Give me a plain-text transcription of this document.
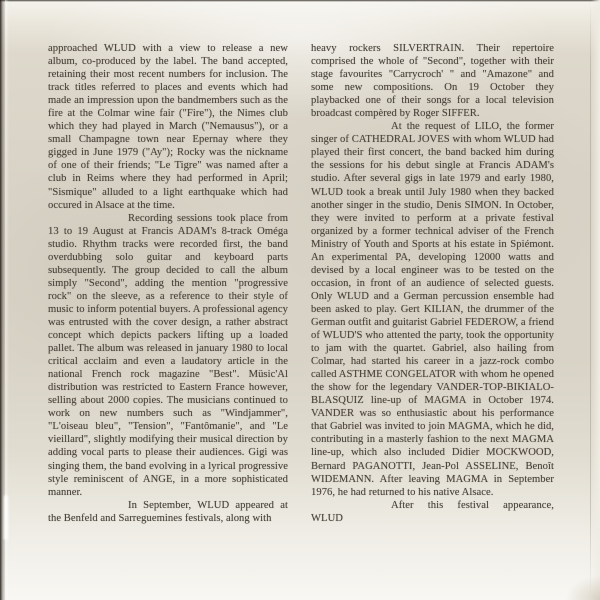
approached WLUD with a view to release a new album, co-produced by the label. The band accepted, retaining their most recent numbers for inclusion. The track titles referred to places and events which had made an impression upon the bandmembers such as the fire at the Colmar wine fair ("Fire"), the Nimes club which they had played in March ("Nemausus"), or a small Champagne town near Epernay where they gigged in June 1979 ("Ay"); Rocky was the nickname of one of their friends; "Le Tigre" was named after a club in Reims where they had performed in April; "Sismique" alluded to a light earthquake which had occured in Alsace at the time.

Recording sessions took place from 13 to 19 August at Francis ADAM's 8-track Oméga studio. Rhythm tracks were recorded first, the band overdubbing solo guitar and keyboard parts subsequently. The group decided to call the album simply "Second", adding the mention "progressive rock" on the sleeve, as a reference to their style of music to inform potential buyers. A professional agency was entrusted with the cover design, a rather abstract concept which depicts packers lifting up a loaded pallet. The album was released in january 1980 to local critical acclaim and even a laudatory article in the national French rock magazine "Best". Müsic'Al distribution was restricted to Eastern France however, selling about 2000 copies. The musicians continued to work on new numbers such as "Windjammer", "L'oiseau bleu", "Tension", "Fantômanie", and "Le vieillard", slightly modifying their musical direction by adding vocal parts to please their audiences. Gigi was singing them, the band evolving in a lyrical progressive style reminiscent of ANGE, in a more sophisticated manner.

In September, WLUD appeared at the Benfeld and Sarreguemines festivals, along with

heavy rockers SILVERTRAIN. Their repertoire comprised the whole of "Second", together with their stage favourites "Carrycroch' " and "Amazone" and some new compositions. On 19 October they playbacked one of their songs for a local television broadcast compèred by Roger SIFFER.

At the request of LILO, the former singer of CATHEDRAL JOVES with whom WLUD had played their first concert, the band backed him during the sessions for his debut single at Francis ADAM's studio. After several gigs in late 1979 and early 1980, WLUD took a break until July 1980 when they backed another singer in the studio, Denis SIMON. In October, they were invited to perform at a private festival organized by a former technical adviser of the French Ministry of Youth and Sports at his estate in Spiémont. An experimental PA, developing 12000 watts and devised by a local engineer was to be tested on the occasion, in front of an audience of selected guests. Only WLUD and a German percussion ensemble had been asked to play. Gert KILIAN, the drummer of the German outfit and guitarist Gabriel FEDEROW, a friend of WLUD'S who attented the party, took the opportunity to jam with the quartet. Gabriel, also hailing from Colmar, had started his career in a jazz-rock combo called ASTHME CONGELATOR with whom he opened the show for the legendary VANDER-TOP-BIKIALO-BLASQUIZ line-up of MAGMA in October 1974. VANDER was so enthusiastic about his performance that Gabriel was invited to join MAGMA, which he did, contributing in a masterly fashion to the next MAGMA line-up, which also included Didier MOCKWOOD, Bernard PAGANOTTI, Jean-Pol ASSELINE, Benoît WIDEMANN. After leaving MAGMA in September 1976, he had returned to his native Alsace.

After this festival appearance, WLUD
